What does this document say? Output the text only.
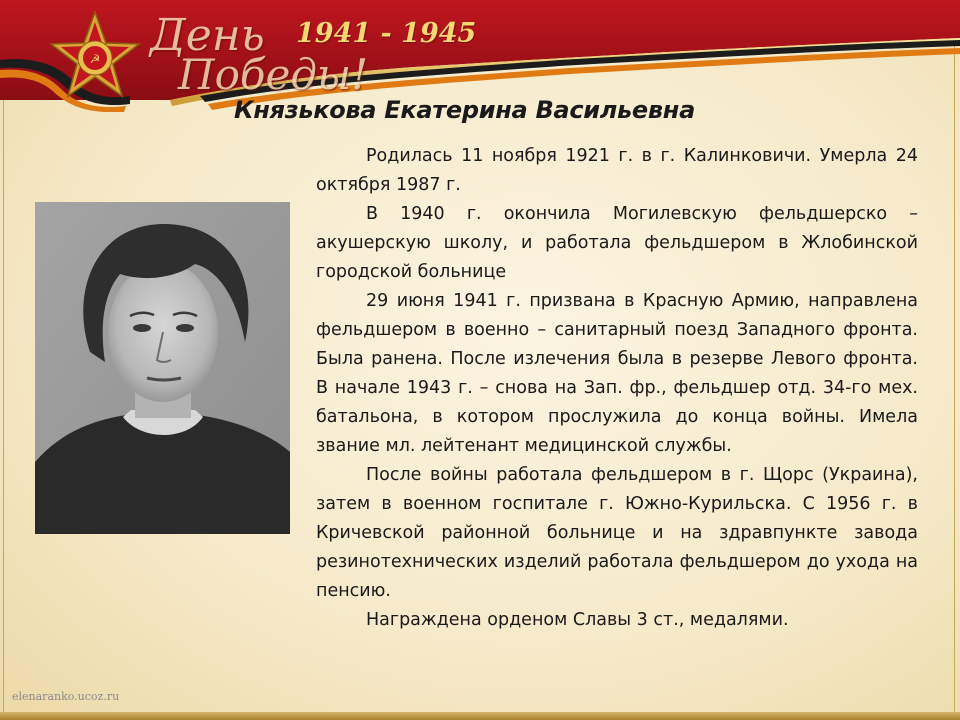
☭ День
Победы!
1941 - 1945
Князькова Екатерина Васильевна

Родилась 11 ноября 1921 г. в г. Калинковичи. Умерла 24 октября 1987 г.

В 1940 г. окончила Могилевскую фельдшерско – акушерскую школу, и работала фельдшером в Жлобинской городской больнице

29 июня 1941 г. призвана в Красную Армию, направлена фельдшером в военно – санитарный поезд Западного фронта. Была ранена. После излечения была в резерве Левого фронта. В начале 1943 г. – снова на Зап. фр., фельдшер отд. 34-го мех. батальона, в котором прослужила до конца войны. Имела звание мл. лейтенант медицинской службы.

После войны работала фельдшером в г. Щорс (Украина), затем в военном госпитале г. Южно-Курильска. С 1956 г. в Кричевской районной больнице и на здравпункте завода резинотехнических изделий работала фельдшером до ухода на пенсию.

Награждена орденом Славы 3 ст., медалями.

elenaranko.ucoz.ru
